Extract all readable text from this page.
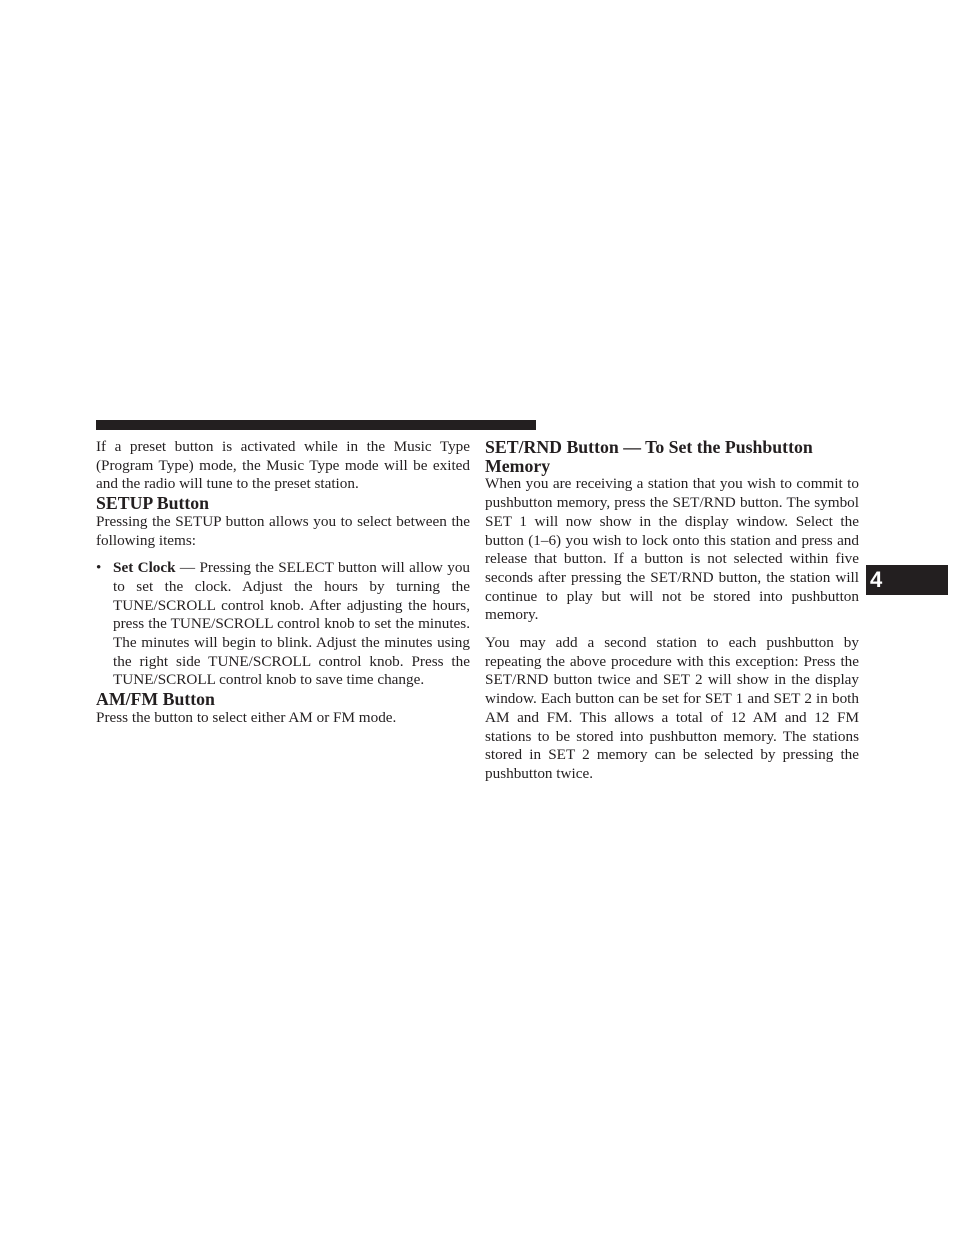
If a preset button is activated while in the Music Type (Program Type) mode, the Music Type mode will be exited and the radio will tune to the preset station.

SETUP Button

Pressing the SETUP button allows you to select between the following items:

• Set Clock — Pressing the SELECT button will allow you to set the clock. Adjust the hours by turning the TUNE/SCROLL control knob. After adjusting the hours, press the TUNE/SCROLL control knob to set the minutes. The minutes will begin to blink. Adjust the minutes using the right side TUNE/SCROLL control knob. Press the TUNE/SCROLL control knob to save time change.
AM/FM Button

Press the button to select either AM or FM mode.

SET/RND Button — To Set the Pushbutton Memory

When you are receiving a station that you wish to commit to pushbutton memory, press the SET/RND button. The symbol SET 1 will now show in the display window. Select the button (1–6) you wish to lock onto this station and press and release that button. If a button is not selected within five seconds after pressing the SET/RND button, the station will continue to play but will not be stored into pushbutton memory.

You may add a second station to each pushbutton by repeating the above procedure with this exception: Press the SET/RND button twice and SET 2 will show in the display window. Each button can be set for SET 1 and SET 2 in both AM and FM. This allows a total of 12 AM and 12 FM stations to be stored into pushbutton memory. The stations stored in SET 2 memory can be selected by pressing the pushbutton twice.

4
